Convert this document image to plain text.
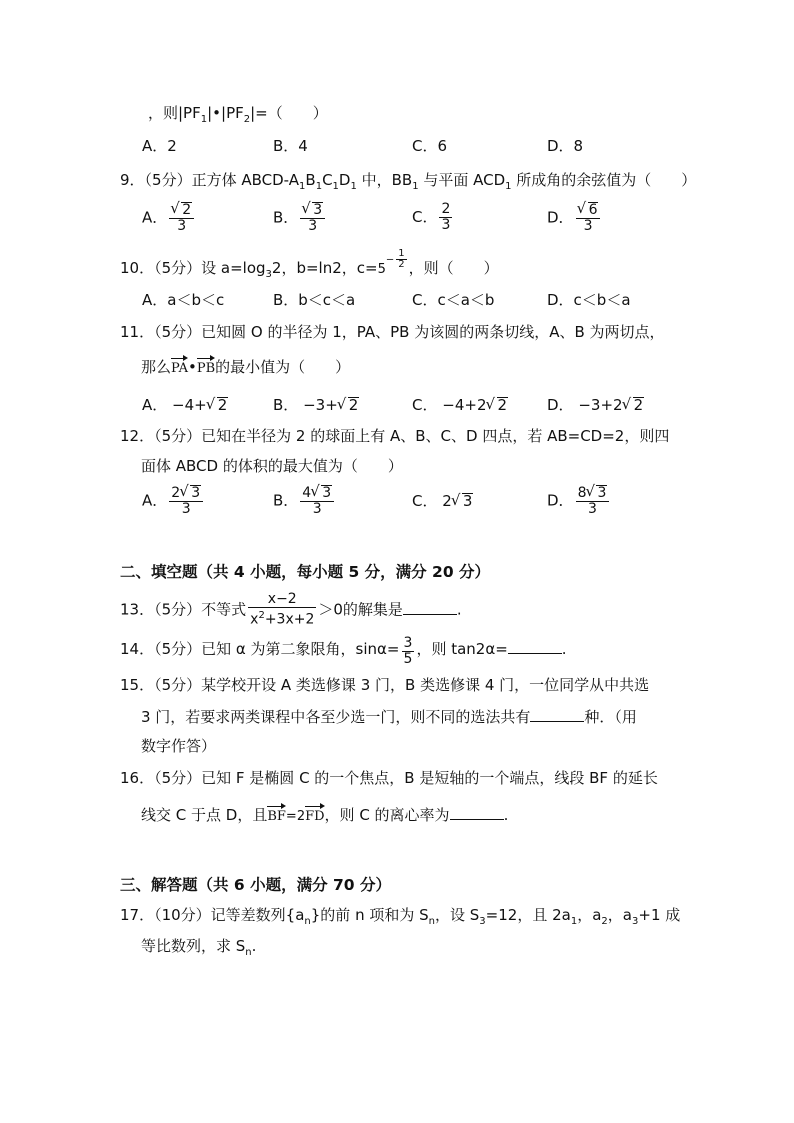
，则$|PF_1|•|PF_2|=$（　　）
A．2	B．4	C．6	D．8
9．（5分）正方体 ABCD-$A_1B_1C_1D_1$ 中，$BB_1$ 与平面 $ACD_1$ 所成角的余弦值为（　　）
A． √ $\frac{2}{3}$	B． √ $\frac{3}{3}$	C． $\frac{2}{3}$	D． √ $\frac{6}{3}$
10．（5分）设 $a=\log_32$，b=ln2，$c=5- \frac{1}{2}$ ，则（　　）
A．a＜b＜c	B．b＜c＜a	C．c＜a＜b	D．c＜b＜a
11．（5分）已知圆 O 的半径为 1，PA、PB 为该圆的两条切线，A、B 为两切点，
那么PA•PB的最小值为（　　）
A． −4+ √ 2	B． −3+ √ 2	C． −4+2 √ 2	D． −3+2 √ 2
12．（5分）已知在半径为 2 的球面上有 A、B、C、D 四点，若 AB=CD=2，则四
面体 ABCD 的体积的最大值为（　　）
A． $\frac{2 √ 3}{3}$	B． $\frac{4 √ 3}{3}$	C． 2 √ 3	D． $\frac{8 √ 3}{3}$
二、填空题（共 4 小题，每小题 5 分，满分 20 分）
13．（5分）不等式 $\frac{x-2}{x^2+3x+2} >0$的解集是	.
14．（5分）已知 α 为第二象限角，$\sin\alpha= \frac{3}{5}$ ，则 tan2α=	.
15．（5分）某学校开设 A 类选修课 3 门，B 类选修课 4 门，一位同学从中共选
3 门，若要求两类课程中各至少选一门，则不同的选法共有	种．（用
数字作答）
16．（5分）已知 F 是椭圆 C 的一个焦点，B 是短轴的一个端点，线段 BF 的延长
线交 C 于点 D，且BF=2FD，则 C 的离心率为	.
三、解答题（共 6 小题，满分 70 分）
17．（10分）记等差数列$\{a_n\}$的前 n 项和为 $S_n$，设 $S_3=12$，且 $2a_1$，$a_2$，$a_3+1$ 成
等比数列，求 $S_n$.
